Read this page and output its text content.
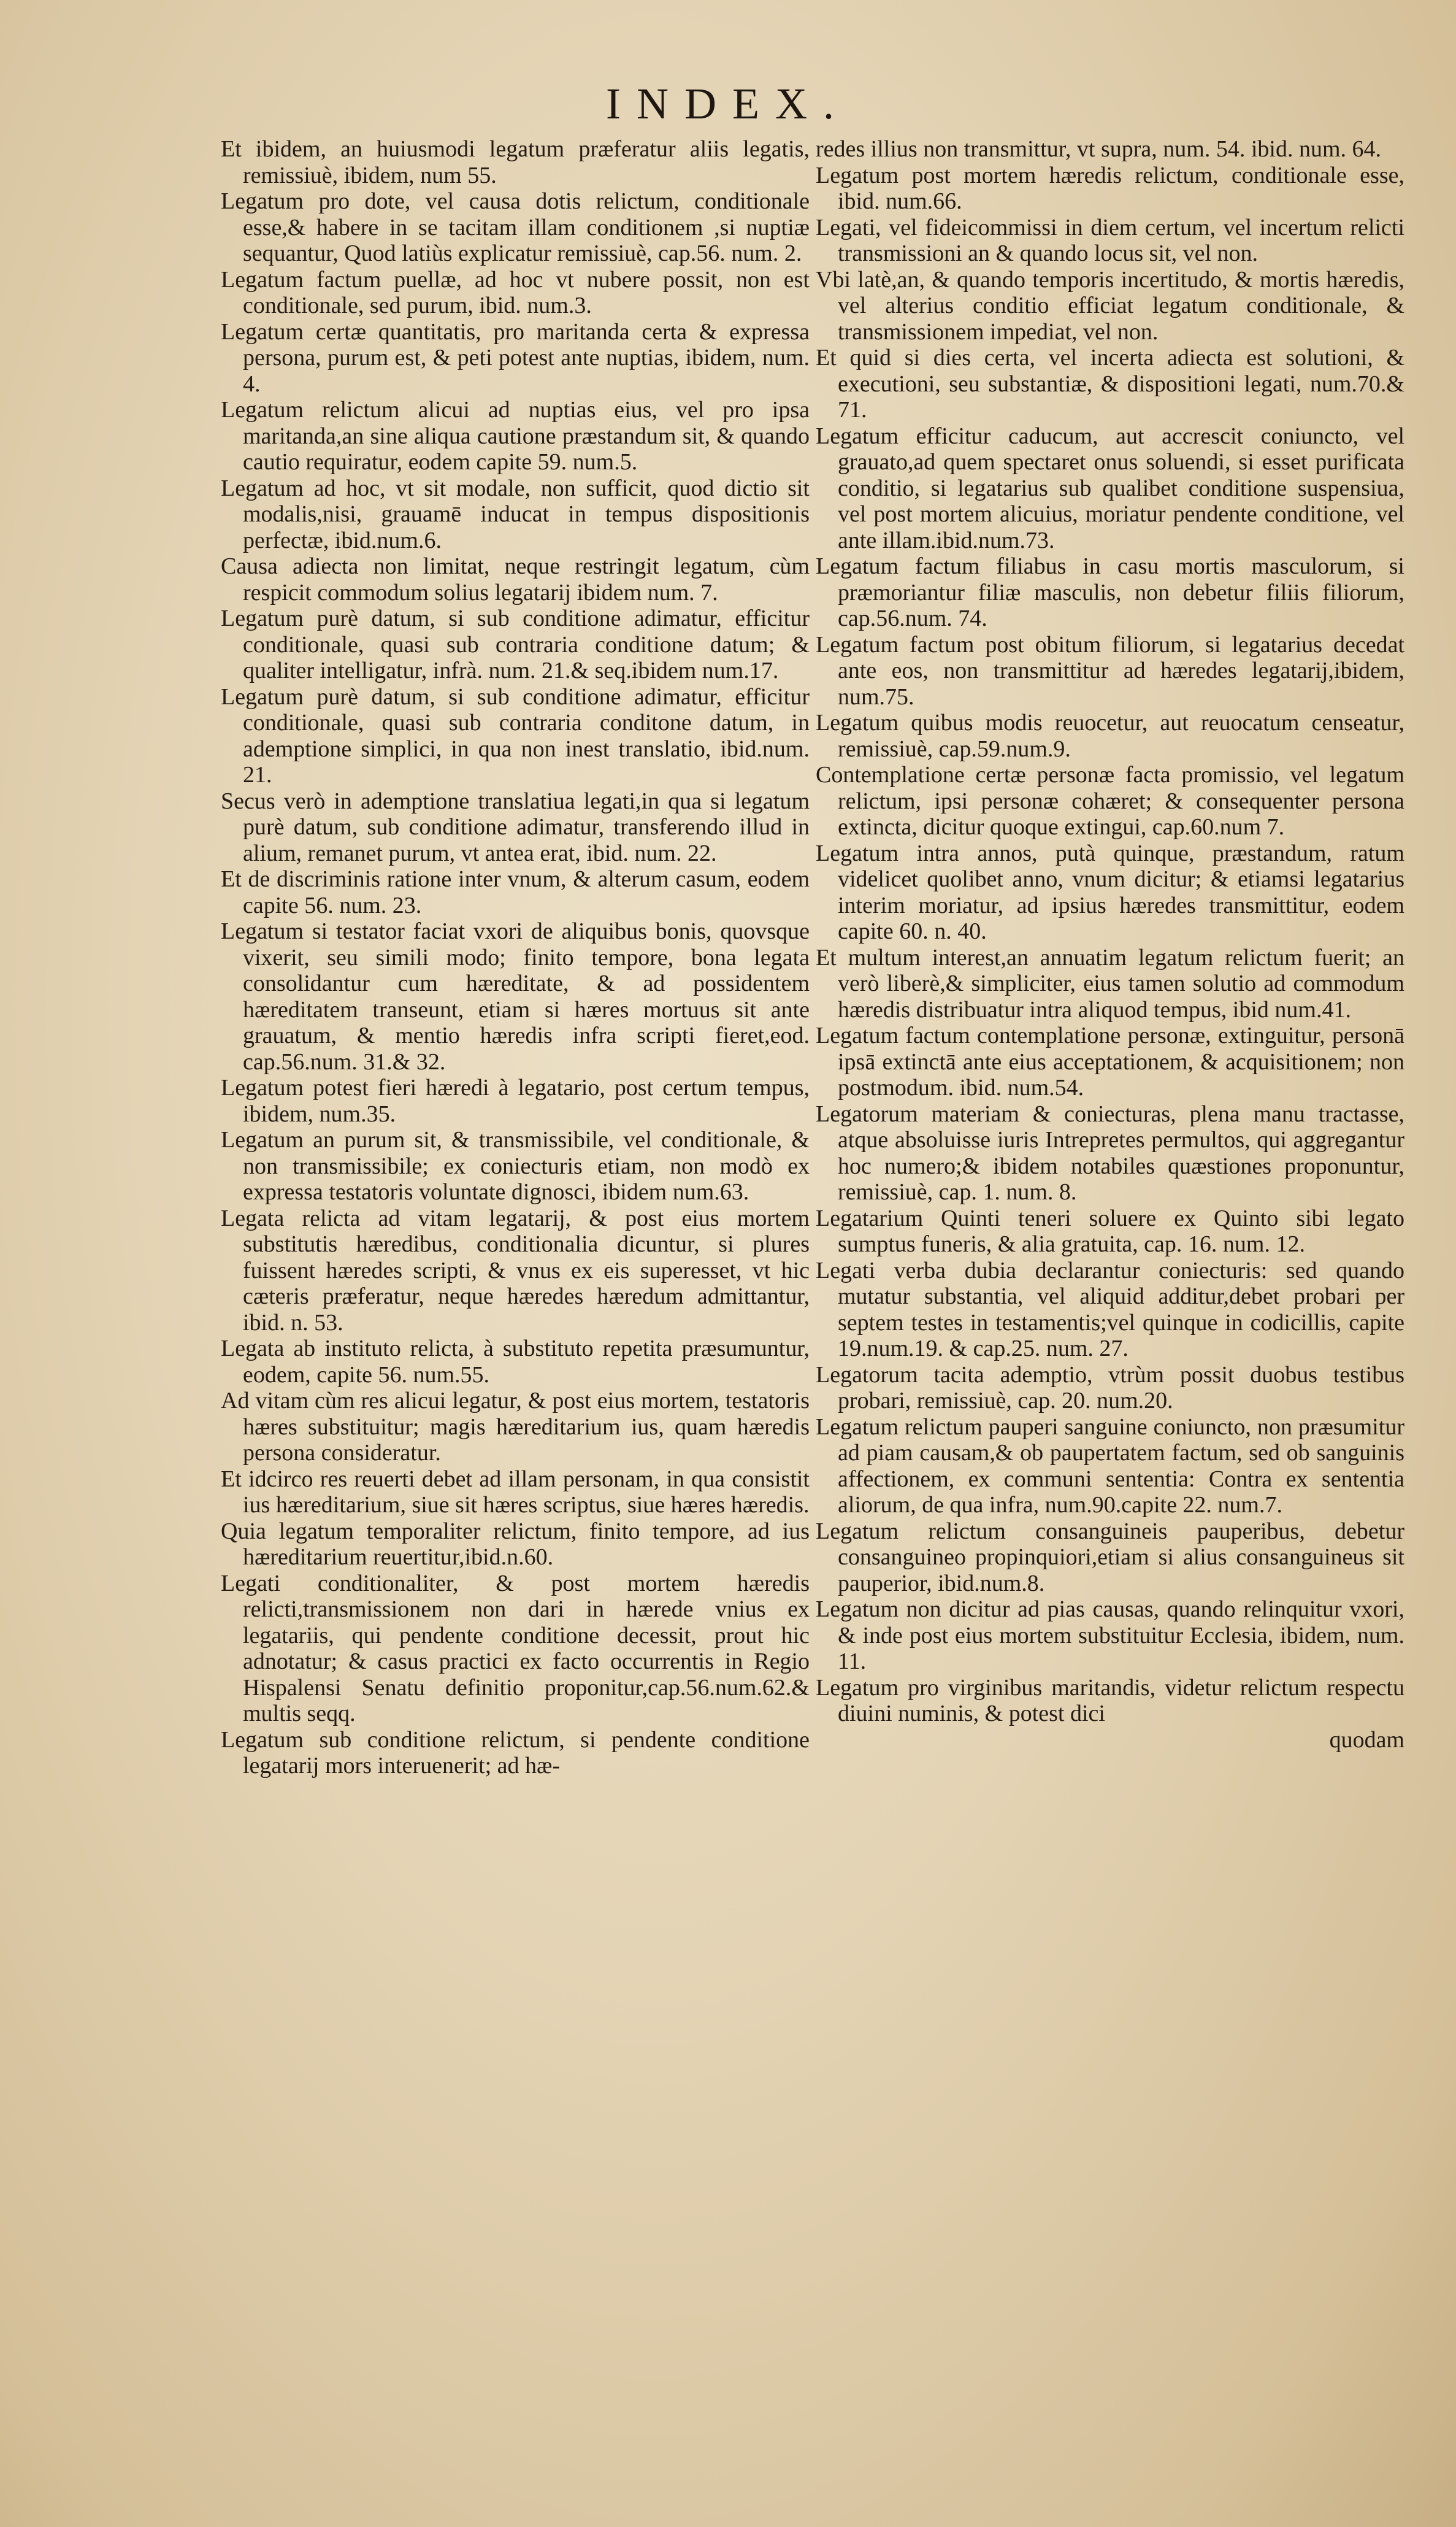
INDEX.

Et ibidem, an huiusmodi legatum præferatur aliis legatis, remissiuè, ibidem, num 55.

Legatum pro dote, vel causa dotis relictum, conditionale esse,& habere in se tacitam illam conditionem ,si nuptiæ sequantur, Quod latiùs explicatur remissiuè, cap.56. num. 2.

Legatum factum puellæ, ad hoc vt nubere possit, non est conditionale, sed purum, ibid. num.3.

Legatum certæ quantitatis, pro maritanda certa & expressa persona, purum est, & peti potest ante nuptias, ibidem, num. 4.

Legatum relictum alicui ad nuptias eius, vel pro ipsa maritanda,an sine aliqua cautione præstandum sit, & quando cautio requiratur, eodem capite 59. num.5.

Legatum ad hoc, vt sit modale, non sufficit, quod dictio sit modalis,nisi, grauamē inducat in tempus dispositionis perfectæ, ibid.num.6.

Causa adiecta non limitat, neque restringit legatum, cùm respicit commodum solius legatarij ibidem num. 7.

Legatum purè datum, si sub conditione adimatur, efficitur conditionale, quasi sub contraria conditione datum; & qualiter intelligatur, infrà. num. 21.& seq.ibidem num.17.

Legatum purè datum, si sub conditione adimatur, efficitur conditionale, quasi sub contraria conditone datum, in ademptione simplici, in qua non inest translatio, ibid.num. 21.

Secus verò in ademptione translatiua legati,in qua si legatum purè datum, sub conditione adimatur, transferendo illud in alium, remanet purum, vt antea erat, ibid. num. 22.

Et de discriminis ratione inter vnum, & alterum casum, eodem capite 56. num. 23.

Legatum si testator faciat vxori de aliquibus bonis, quovsque vixerit, seu simili modo; finito tempore, bona legata consolidantur cum hæreditate, & ad possidentem hæreditatem transeunt, etiam si hæres mortuus sit ante grauatum, & mentio hæredis infra scripti fieret,eod. cap.56.num. 31.& 32.

Legatum potest fieri hæredi à legatario, post certum tempus, ibidem, num.35.

Legatum an purum sit, & transmissibile, vel conditionale, & non transmissibile; ex coniecturis etiam, non modò ex expressa testatoris voluntate dignosci, ibidem num.63.

Legata relicta ad vitam legatarij, & post eius mortem substitutis hæredibus, conditionalia dicuntur, si plures fuissent hæredes scripti, & vnus ex eis superesset, vt hic cæteris præferatur, neque hæredes hæredum admittantur, ibid. n. 53.

Legata ab instituto relicta, à substituto repetita præsumuntur, eodem, capite 56. num.55.

Ad vitam cùm res alicui legatur, & post eius mortem, testatoris hæres substituitur; magis hæreditarium ius, quam hæredis persona consideratur.

Et idcirco res reuerti debet ad illam personam, in qua consistit ius hæreditarium, siue sit hæres scriptus, siue hæres hæredis.

Quia legatum temporaliter relictum, finito tempore, ad ius hæreditarium reuertitur,ibid.n.60.

Legati conditionaliter, & post mortem hæredis relicti,transmissionem non dari in hærede vnius ex legatariis, qui pendente conditione decessit, prout hic adnotatur; & casus practici ex facto occurrentis in Regio Hispalensi Senatu definitio proponitur,cap.56.num.62.& multis seqq.

Legatum sub conditione relictum, si pendente conditione legatarij mors interuenerit; ad hæ-

redes illius non transmittur, vt supra, num. 54. ibid. num. 64.

Legatum post mortem hæredis relictum, conditionale esse, ibid. num.66.

Legati, vel fideicommissi in diem certum, vel incertum relicti transmissioni an & quando locus sit, vel non.

Vbi latè,an, & quando temporis incertitudo, & mortis hæredis, vel alterius conditio efficiat legatum conditionale, & transmissionem impediat, vel non.

Et quid si dies certa, vel incerta adiecta est solutioni, & executioni, seu substantiæ, & dispositioni legati, num.70.& 71.

Legatum efficitur caducum, aut accrescit coniuncto, vel grauato,ad quem spectaret onus soluendi, si esset purificata conditio, si legatarius sub qualibet conditione suspensiua, vel post mortem alicuius, moriatur pendente conditione, vel ante illam.ibid.num.73.

Legatum factum filiabus in casu mortis masculorum, si præmoriantur filiæ masculis, non debetur filiis filiorum, cap.56.num. 74.

Legatum factum post obitum filiorum, si legatarius decedat ante eos, non transmittitur ad hæredes legatarij,ibidem, num.75.

Legatum quibus modis reuocetur, aut reuocatum censeatur, remissiuè, cap.59.num.9.

Contemplatione certæ personæ facta promissio, vel legatum relictum, ipsi personæ cohæret; & consequenter persona extincta, dicitur quoque extingui, cap.60.num 7.

Legatum intra annos, putà quinque, præstandum, ratum videlicet quolibet anno, vnum dicitur; & etiamsi legatarius interim moriatur, ad ipsius hæredes transmittitur, eodem capite 60. n. 40.

Et multum interest,an annuatim legatum relictum fuerit; an verò liberè,& simpliciter, eius tamen solutio ad commodum hæredis distribuatur intra aliquod tempus, ibid num.41.

Legatum factum contemplatione personæ, extinguitur, personā ipsā extinctā ante eius acceptationem, & acquisitionem; non postmodum. ibid. num.54.

Legatorum materiam & coniecturas, plena manu tractasse, atque absoluisse iuris Intrepretes permultos, qui aggregantur hoc numero;& ibidem notabiles quæstiones proponuntur, remissiuè, cap. 1. num. 8.

Legatarium Quinti teneri soluere ex Quinto sibi legato sumptus funeris, & alia gratuita, cap. 16. num. 12.

Legati verba dubia declarantur coniecturis: sed quando mutatur substantia, vel aliquid additur,debet probari per septem testes in testamentis;vel quinque in codicillis, capite 19.num.19. & cap.25. num. 27.

Legatorum tacita ademptio, vtrùm possit duobus testibus probari, remissiuè, cap. 20. num.20.

Legatum relictum pauperi sanguine coniuncto, non præsumitur ad piam causam,& ob paupertatem factum, sed ob sanguinis affectionem, ex communi sententia: Contra ex sententia aliorum, de qua infra, num.90.capite 22. num.7.

Legatum relictum consanguineis pauperibus, debetur consanguineo propinquiori,etiam si alius consanguineus sit pauperior, ibid.num.8.

Legatum non dicitur ad pias causas, quando relinquitur vxori, & inde post eius mortem substituitur Ecclesia, ibidem, num. 11.

Legatum pro virginibus maritandis, videtur relictum respectu diuini numinis, & potest dici

quodam
